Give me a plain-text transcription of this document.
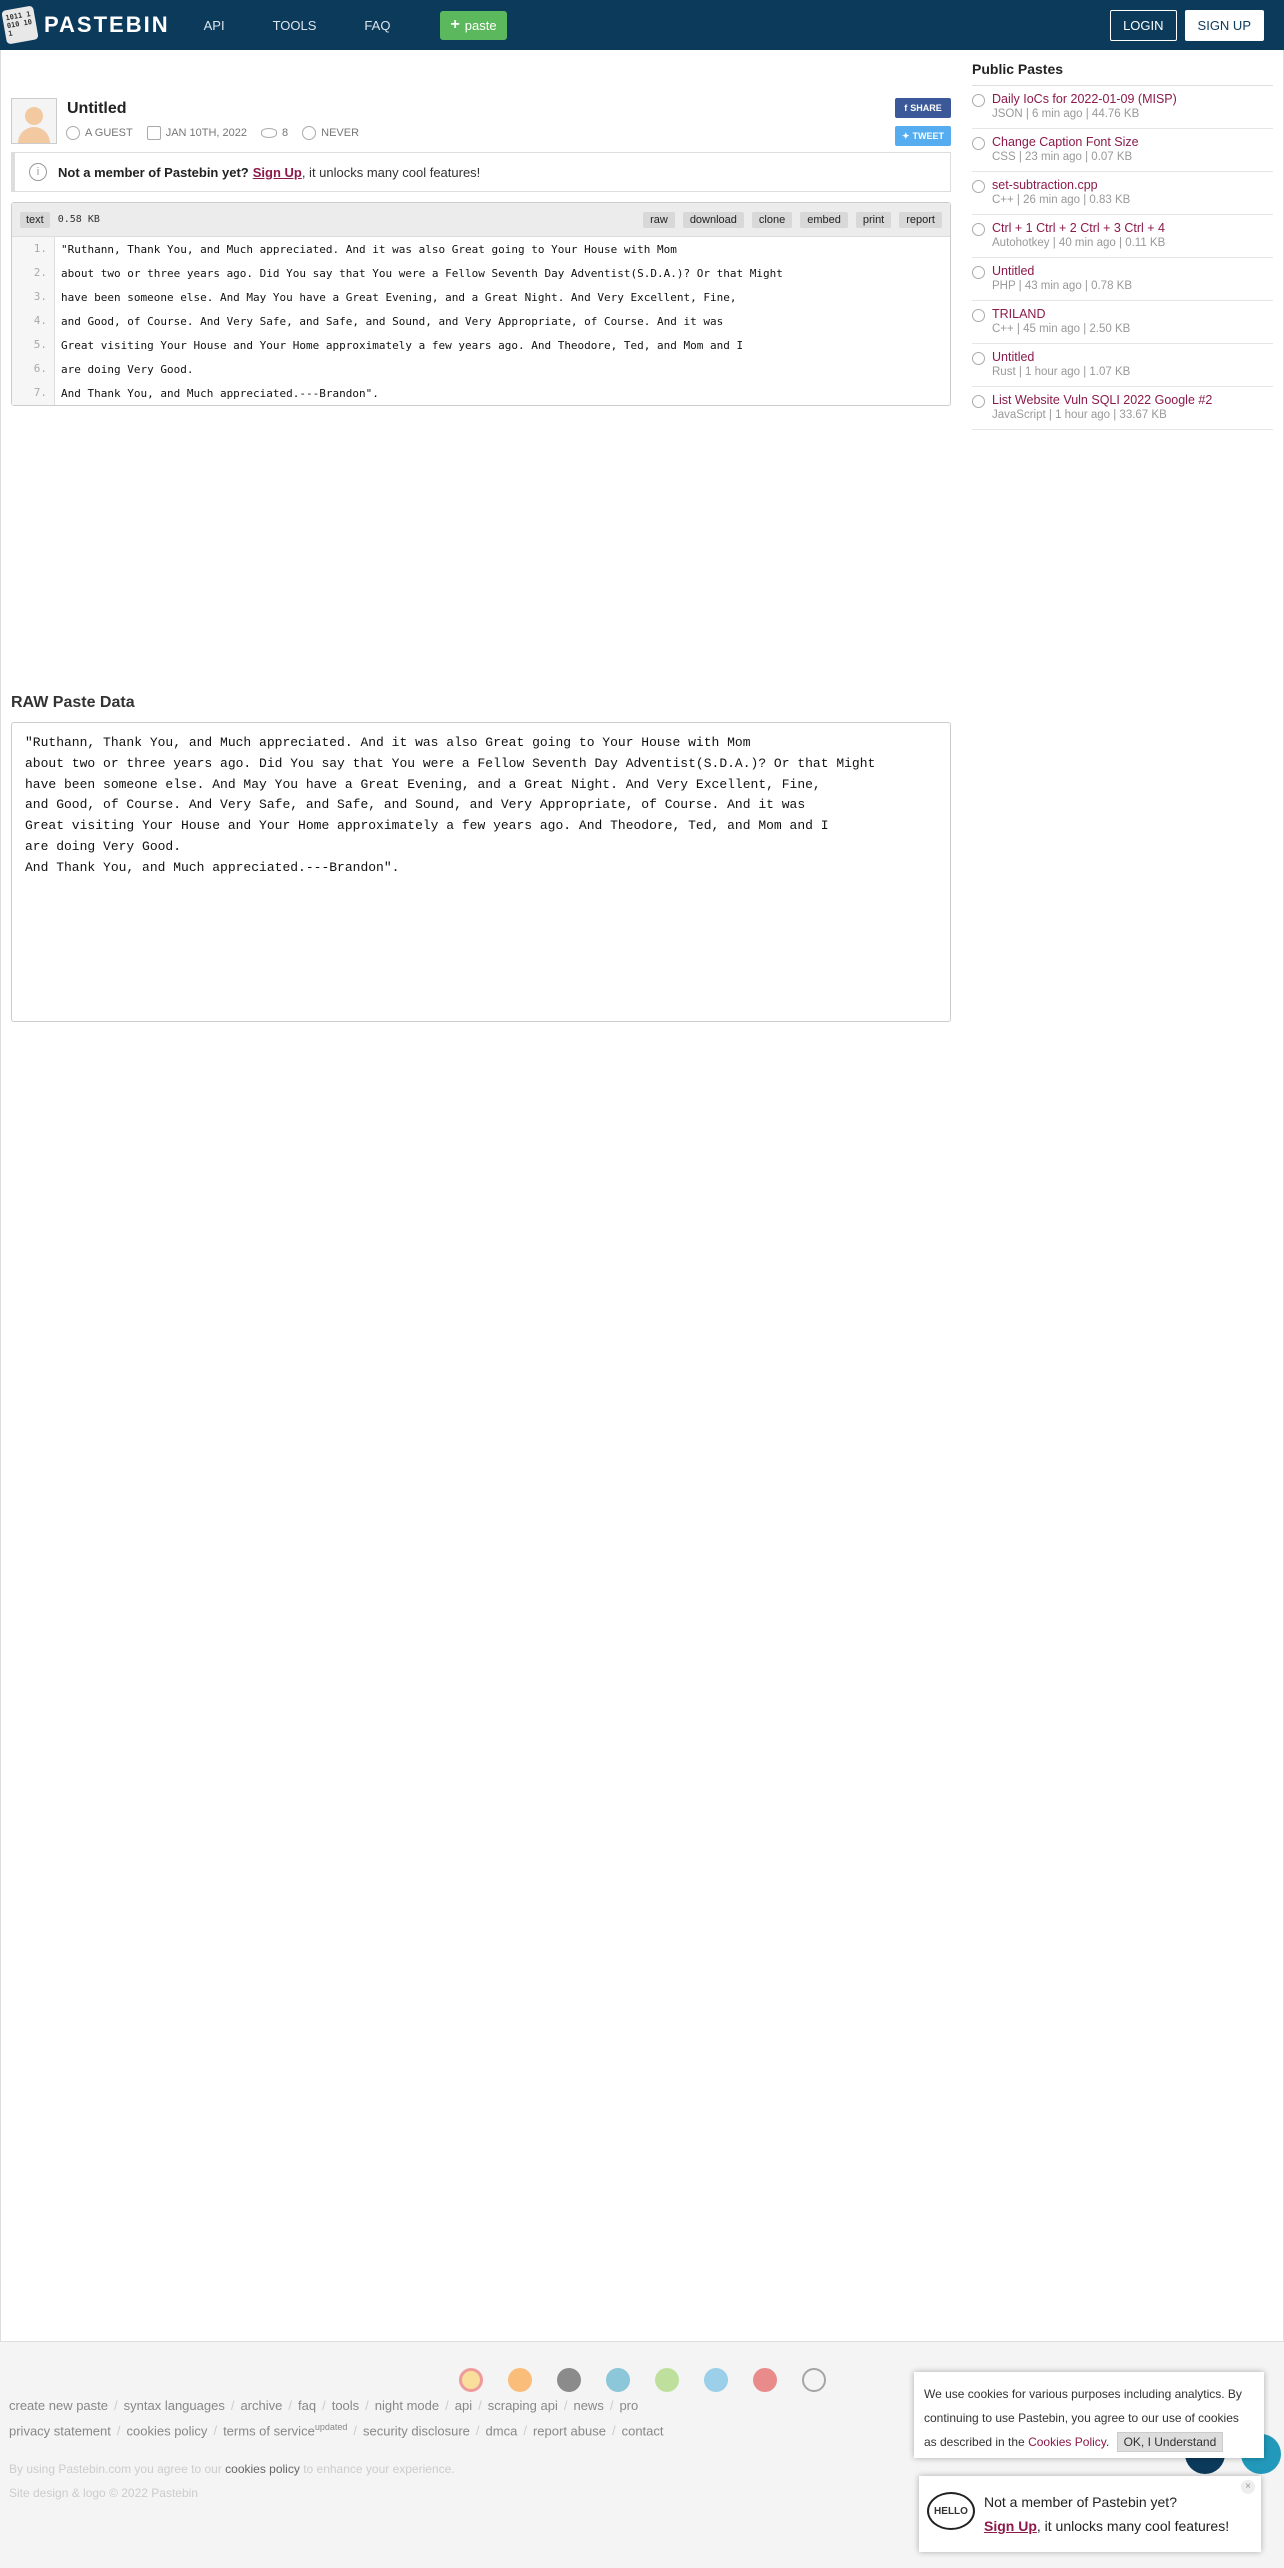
1011 1010 101	PASTEBIN	API	TOOLS	FAQ	+ paste	LOGIN	SIGN UP
Untitled
A GUEST	JAN 10TH, 2022	8	NEVER
f SHARE
✦ TWEET
i	Not a member of Pastebin yet? Sign Up , it unlocks many cool features!
text	0.58 KB	raw	download	clone	embed	print	report
1.	"Ruthann, Thank You, and Much appreciated. And it was also Great going to Your House with Mom
2.	about two or three years ago. Did You say that You were a Fellow Seventh Day Adventist(S.D.A.)? Or that Might
3.	have been someone else. And May You have a Great Evening, and a Great Night. And Very Excellent, Fine,
4.	and Good, of Course. And Very Safe, and Safe, and Sound, and Very Appropriate, of Course. And it was
5.	Great visiting Your House and Your Home approximately a few years ago. And Theodore, Ted, and Mom and I
6.	are doing Very Good.
7.	And Thank You, and Much appreciated.---Brandon".
RAW Paste Data
"Ruthann, Thank You, and Much appreciated. And it was also Great going to Your House with Mom
about two or three years ago. Did You say that You were a Fellow Seventh Day Adventist(S.D.A.)? Or that Might
have been someone else. And May You have a Great Evening, and a Great Night. And Very Excellent, Fine,
and Good, of Course. And Very Safe, and Safe, and Sound, and Very Appropriate, of Course. And it was
Great visiting Your House and Your Home approximately a few years ago. And Theodore, Ted, and Mom and I
are doing Very Good.
And Thank You, and Much appreciated.---Brandon".
Public Pastes
Daily IoCs for 2022-01-09 (MISP)
JSON | 6 min ago | 44.76 KB
Change Caption Font Size
CSS | 23 min ago | 0.07 KB
set-subtraction.cpp
C++ | 26 min ago | 0.83 KB
Ctrl + 1 Ctrl + 2 Ctrl + 3 Ctrl + 4
Autohotkey | 40 min ago | 0.11 KB
Untitled
PHP | 43 min ago | 0.78 KB
TRILAND
C++ | 45 min ago | 2.50 KB
Untitled
Rust | 1 hour ago | 1.07 KB
List Website Vuln SQLI 2022 Google #2
JavaScript | 1 hour ago | 33.67 KB
create new paste / syntax languages / archive / faq / tools / night mode / api / scraping api / news / pro
privacy statement / cookies policy / terms of service$^{updated}$ / security disclosure / dmca / report abuse / contact
By using Pastebin.com you agree to our cookies policy to enhance your experience.
Site design & logo © 2022 Pastebin
We use cookies for various purposes including analytics. By continuing to use Pastebin, you agree to our use of cookies as described in the Cookies Policy. OK, I Understand
HELLO
Not a member of Pastebin yet?
Sign Up, it unlocks many cool features!
×
